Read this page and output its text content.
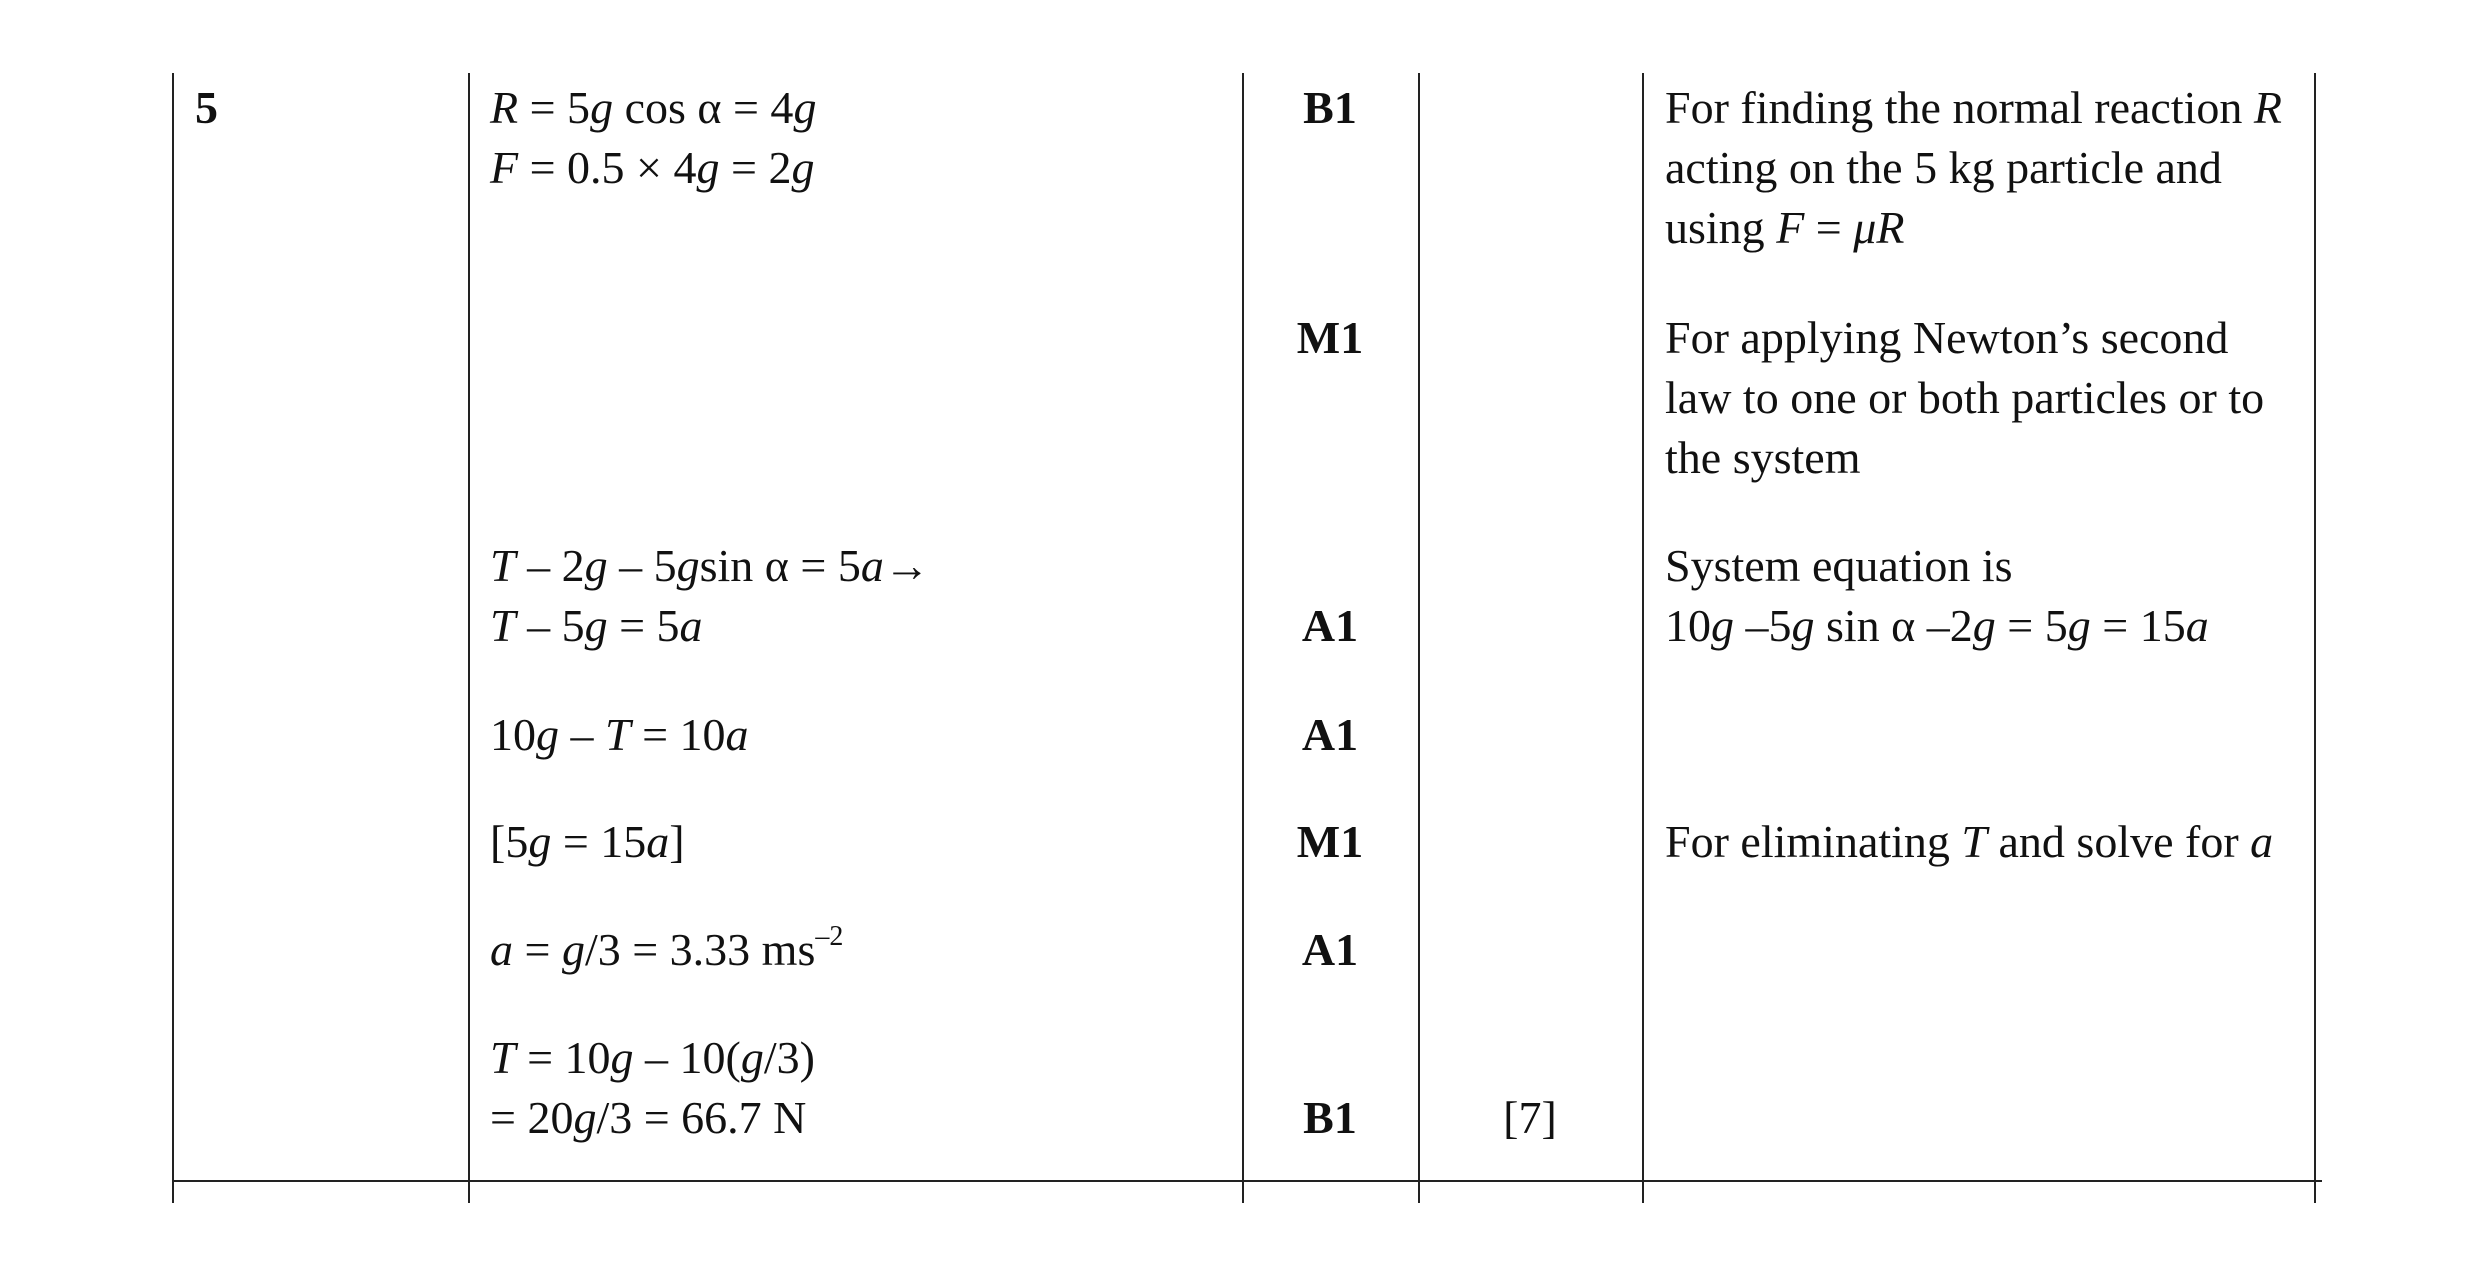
5	R = 5g cos α = 4g
F = 0.5 × 4g = 2g
T – 2g – 5gsin α = 5a→
T – 5g = 5a
10g – T = 10a
[5g = 15a]
a = g/3 = 3.33 $ms^{-2}$
T = 10g – 10(g/3)
= 20g/3 = 66.7 N
B1
M1
A1
A1
M1
A1
B1	[7]
For finding the normal reaction R
acting on the 5 kg particle and
using F = μR
For applying Newton’s second
law to one or both particles or to
the system
System equation is
10g –5g sin α –2g = 5g = 15a
For eliminating T and solve for a
